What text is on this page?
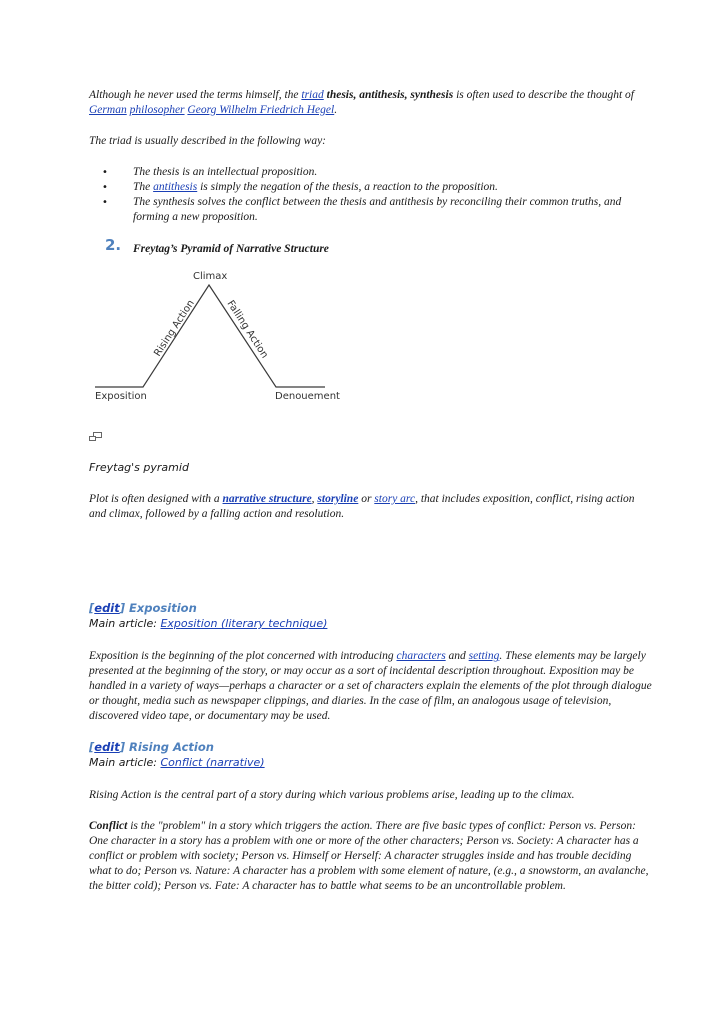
Although he never used the terms himself, the triad thesis, antithesis, synthesis is often used to describe the thought of German philosopher Georg Wilhelm Friedrich Hegel.

The triad is usually described in the following way:

• The thesis is an intellectual proposition.
• The antithesis is simply the negation of the thesis, a reaction to the proposition.
• The synthesis solves the conflict between the thesis and antithesis by reconciling their common truths, and forming a new proposition.
2. Freytag’s Pyramid of Narrative Structure
Climax
Rising Action	Falling Action
Exposition	Denouement
Freytag's pyramid

Plot is often designed with a narrative structure, storyline or story arc, that includes exposition, conflict, rising action and climax, followed by a falling action and resolution.

[edit] Exposition
Main article: Exposition (literary technique)

Exposition is the beginning of the plot concerned with introducing characters and setting. These elements may be largely presented at the beginning of the story, or may occur as a sort of incidental description throughout. Exposition may be handled in a variety of ways—perhaps a character or a set of characters explain the elements of the plot through dialogue or thought, media such as newspaper clippings, and diaries. In the case of film, an analogous usage of television, discovered video tape, or documentary may be used.

[edit] Rising Action
Main article: Conflict (narrative)

Rising Action is the central part of a story during which various problems arise, leading up to the climax.

Conflict is the "problem" in a story which triggers the action. There are five basic types of conflict: Person vs. Person: One character in a story has a problem with one or more of the other characters; Person vs. Society: A character has a conflict or problem with society; Person vs. Himself or Herself: A character struggles inside and has trouble deciding what to do; Person vs. Nature: A character has a problem with some element of nature, (e.g., a snowstorm, an avalanche, the bitter cold); Person vs. Fate: A character has to battle what seems to be an uncontrollable problem.
